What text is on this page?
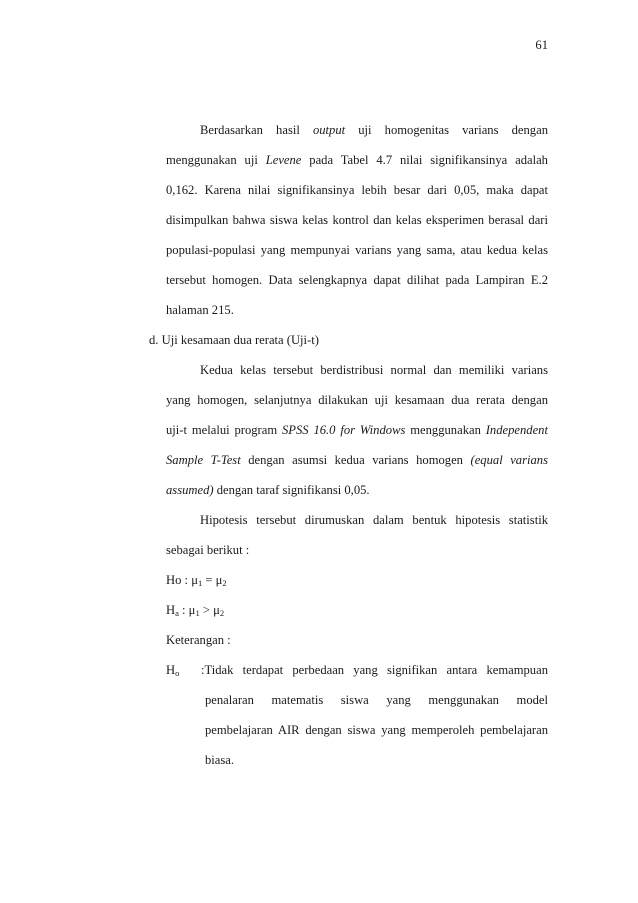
61
Berdasarkan hasil output uji homogenitas varians dengan
menggunakan uji Levene pada Tabel 4.7 nilai signifikansinya adalah
0,162. Karena nilai signifikansinya lebih besar dari 0,05, maka dapat
disimpulkan bahwa siswa kelas kontrol dan kelas eksperimen berasal dari
populasi-populasi yang mempunyai varians yang sama, atau kedua kelas
tersebut homogen. Data selengkapnya dapat dilihat pada Lampiran E.2
halaman 215.
d. Uji kesamaan dua rerata (Uji-t)
Kedua kelas tersebut berdistribusi normal dan memiliki varians
yang homogen, selanjutnya dilakukan uji kesamaan dua rerata dengan
uji-t melalui program SPSS 16.0 for Windows menggunakan Independent
Sample T-Test dengan asumsi kedua varians homogen (equal varians
assumed) dengan taraf signifikansi 0,05.
Hipotesis tersebut dirumuskan dalam bentuk hipotesis statistik
sebagai berikut :
Ho : μ1 = μ2
Ha : μ1 > μ2
Keterangan :
Ho :Tidak terdapat perbedaan yang signifikan antara kemampuan
penalaran matematis siswa yang menggunakan model
pembelajaran AIR dengan siswa yang memperoleh pembelajaran
biasa.
